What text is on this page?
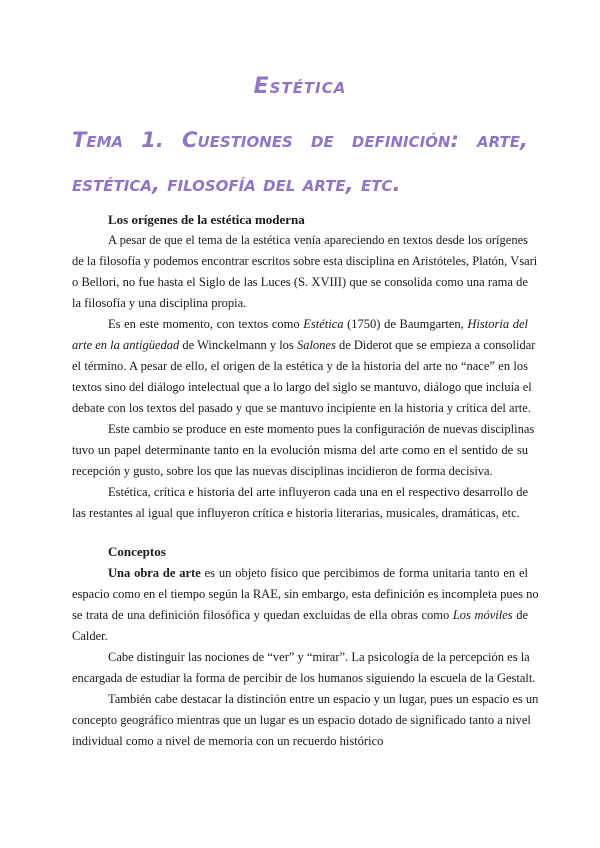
Estética
Tema 1. Cuestiones de definición: arte,
estética, filosofía del arte, etc.
Los orígenes de la estética moderna
A pesar de que el tema de la estética venía apareciendo en textos desde los orígenes
de la filosofía y podemos encontrar escritos sobre esta disciplina en Aristóteles, Platón, Vsari
o Bellori, no fue hasta el Siglo de las Luces (S. XVIII) que se consolida como una rama de
la filosofía y una disciplina propia.
Es en este momento, con textos como Estética (1750) de Baumgarten, Historia del
arte en la antigüedad de Winckelmann y los Salones de Diderot que se empieza a consolidar
el término. A pesar de ello, el origen de la estética y de la historia del arte no “nace” en los
textos sino del diálogo intelectual que a lo largo del siglo se mantuvo, diálogo que incluía el
debate con los textos del pasado y que se mantuvo incipiente en la historia y crítica del arte.
Este cambio se produce en este momento pues la configuración de nuevas disciplinas
tuvo un papel determinante tanto en la evolución misma del arte como en el sentido de su
recepción y gusto, sobre los que las nuevas disciplinas incidieron de forma decisiva.
Estética, crítica e historia del arte influyeron cada una en el respectivo desarrollo de
las restantes al igual que influyeron crítica e historia literarias, musicales, dramáticas, etc.
Conceptos
Una obra de arte es un objeto físico que percibimos de forma unitaria tanto en el
espacio como en el tiempo según la RAE, sin embargo, esta definición es incompleta pues no
se trata de una definición filosófica y quedan excluidas de ella obras como Los móviles de
Calder.
Cabe distinguir las nociones de “ver” y “mirar”. La psicología de la percepción es la
encargada de estudiar la forma de percibir de los humanos siguiendo la escuela de la Gestalt.
También cabe destacar la distinción entre un espacio y un lugar, pues un espacio es un
concepto geográfico mientras que un lugar es un espacio dotado de significado tanto a nivel
individual como a nivel de memoria con un recuerdo histórico
